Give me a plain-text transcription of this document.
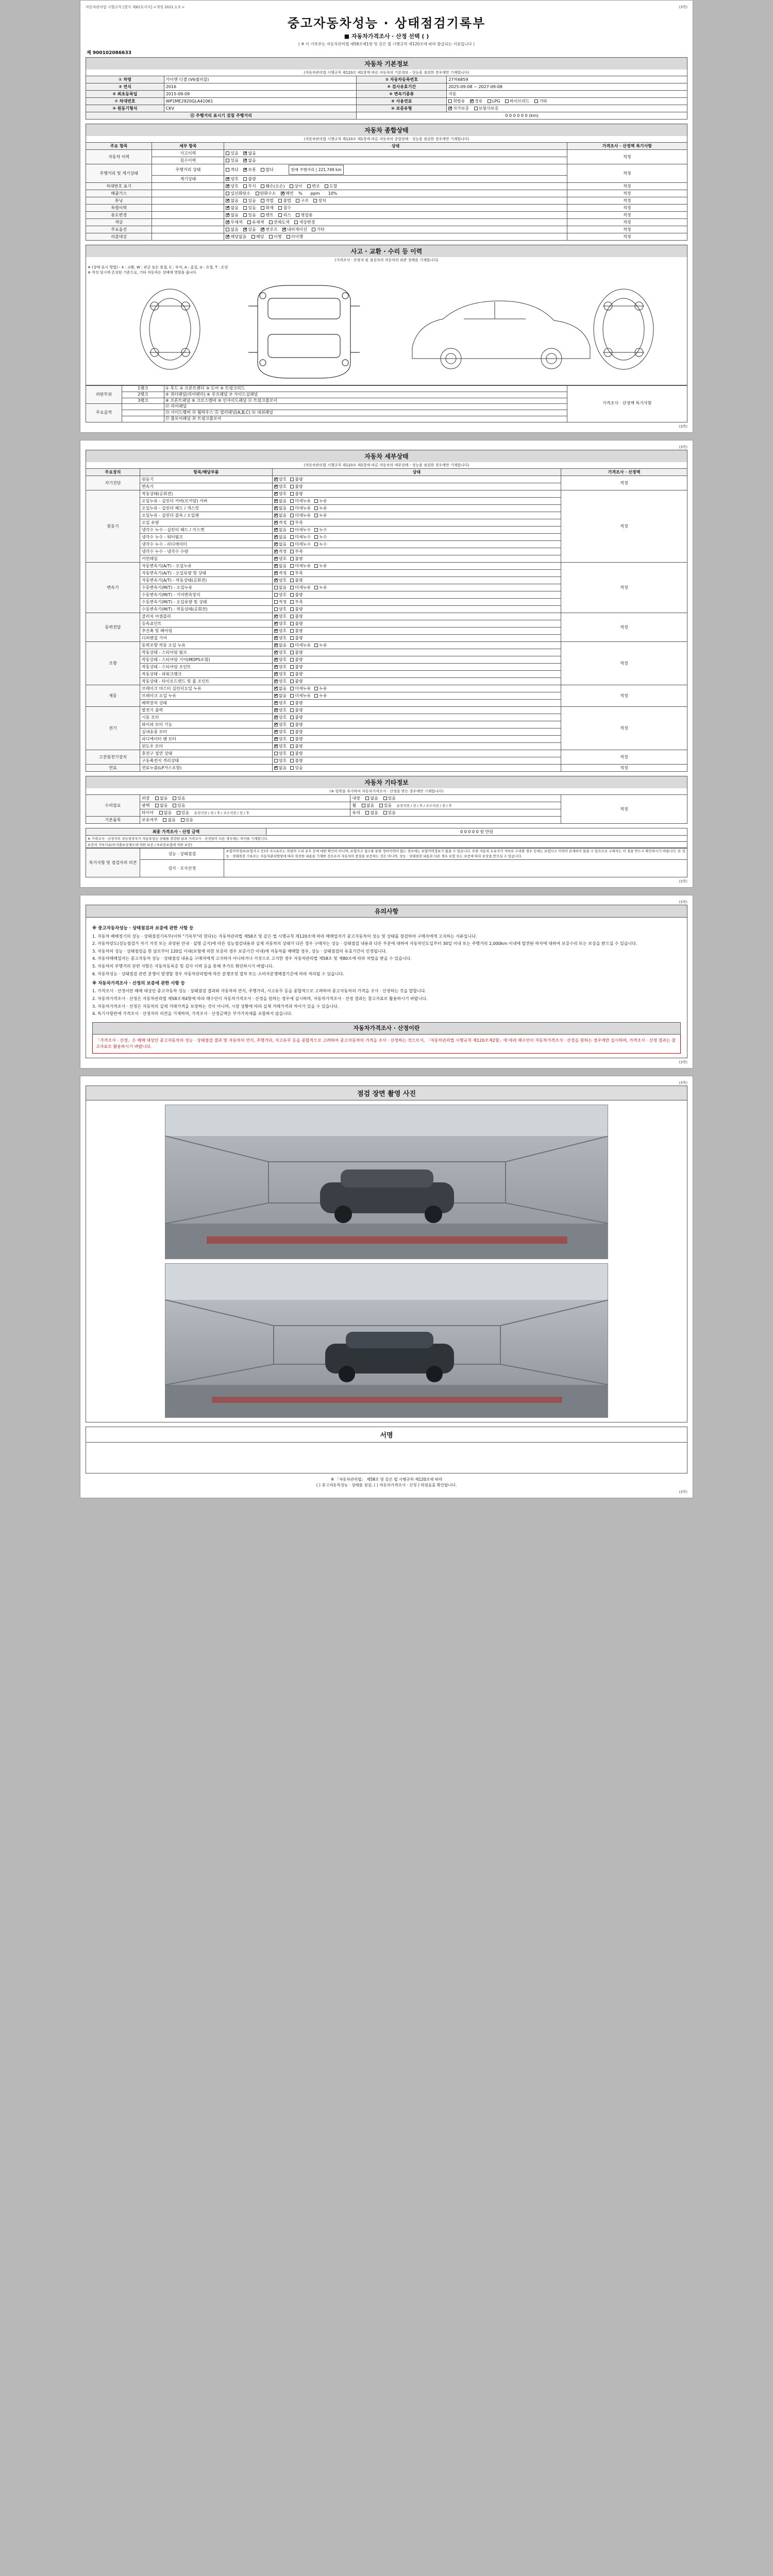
자동차관리법 시행규칙 [별지 제82호서식] <개정 2021.1.5.>	(3쪽)
중고자동차성능 · 상태점검기록부
■ 자동차가격조사 · 산정 선택 ( )
( ※ 이 기록부는 자동차관리법 제58조제1항 및 같은 법 시행규칙 제120조에 따라 발급되는 서류입니다 )
제 900102086633
자동차 기본정보
(자동차관리법 시행규칙 제120조 제1항에 따른 자동차의 기본정보 - 성능을 점검한 경우에만 기재합니다)
① 차명	카이엔 디젤 (V6퀼러블)	② 자동차등록번호	27허6859
③ 연식	2016	④ 검사유효기간	2025-09-08 ~ 2027-09-08
⑤ 최초등록일	2015-09-09	⑥ 변속기종류	자동
⑦ 차대번호	WP1ME2920GLA41061	⑧ 사용연료	휘발유 ✔ 경유 LPG 하이브리드 기타
⑨ 원동기형식	CKV	⑩ 보증유형	✔자가보증 보험사보증
⑪ 주행거리 표시기 검침 주행거리		0 0 0 0 0 0 (km)	
자동차 종합상태
(자동차관리법 시행규칙 제120조 제1항에 따른 자동차의 종합상태 - 성능을 점검한 경우에만 기재합니다)
주요 항목	세부 항목	상태	가격조사 · 산정액 특기사항
자동차 이력	사고이력	있음 ✔ 없음	적정
	침수이력	있음 ✔ 없음
주행거리 및 계기상태	주행거리 상태	적다 ✔ 보통 많다 현재 주행거리 | 221,749 km	적정
	계기상태	✔양호 불량
차대번호 표기		✔양호 부식 훼손(오손) 상이 변조 도말	적정
배출가스		일산화탄소 탄화수소 ✔ 매연 %　　ppm　　10%	적정
튜닝		✔없음 있음 적법 불법 구조 장치	적정
특별이력		✔없음 있음 화재 침수	적정
용도변경		✔없음 있음 렌트 리스 영업용	적정
색상		✔무채색 유채색 전체도색 색상변경	적정
주요옵션		없음 ✔ 있음 ✔ 썬루프 ✔ 내비게이션 기타	적정
리콜대상		✔해당없음 해당 이행 미이행	적정
사고 · 교환 · 수리 등 이력
(가격조사 · 산정자 및 점검자의 자동차의 외관 상태를 기재합니다)
※ (상태 표시 방법) - X : 교환, W : 판금 또는 용접, C : 부식, A : 흠집, U : 요철, T : 손상
※ 작성 당시에 손상된 기준으로, 기타 자동차는 상태에 영향을 줍니다
외판부위	1랭크	① 후드 ② 프론트펜더 ③ 도어 ④ 트렁크리드	가격조사 · 산정액 특기사항
	2랭크	⑤ 쿼터패널(리어펜더) ⑥ 루프패널 ⑦ 사이드실패널	
	3랭크	⑧ 프론트패널 ⑨ 크로스멤버 ⑩ 인사이드패널 ⑪ 트렁크플로어	
주요골격		⑫ 리어패널	
		⑬ 사이드멤버 ⑭ 휠하우스 ⑮ 필러패널(A,B,C) ⑯ 대쉬패널	
		⑰ 플로어패널 ⑱ 트렁크플로어	
(3쪽)
(3쪽)
자동차 세부상태
(자동차관리법 시행규칙 제120조 제1항에 따른 자동차의 세부상태 - 성능을 점검한 경우에만 기재합니다)
주요장치	항목/해당부품	상태	가격조사 · 산정액
자기진단	원동기	✔양호 불량	적정
	변속기	✔양호 불량
원동기	작동상태(공회전)	✔양호 불량	적정
	오일누유 - 실린더 커버(로커암) 커버	✔없음 미세누유 누유
	오일누유 - 실린더 헤드 / 개스킷	✔없음 미세누유 누유
	오일누유 - 실린더 블록 / 오일팬	✔없음 미세누유 누유
	오일 유량	✔적정 부족
	냉각수 누수 - 실린더 헤드 / 가스켓	✔없음 미세누수 누수
	냉각수 누수 - 워터펌프	✔없음 미세누수 누수
	냉각수 누수 - 라디에이터	✔없음 미세누수 누수
	냉각수 누수 - 냉각수 수량	✔적정 부족
	커먼레일	✔양호 불량
변속기	자동변속기(A/T) - 오일누유	✔없음 미세누유 누유	적정
	자동변속기(A/T) - 오일유량 및 상태	✔적정 부족
	자동변속기(A/T) - 작동상태(공회전)	✔양호 불량
	수동변속기(M/T) - 오일누유	없음 미세누유 누유	
	수동변속기(M/T) - 기어변속장치	양호 불량	
	수동변속기(M/T) - 오일유량 및 상태	적정 부족	
	수동변속기(M/T) - 작동상태(공회전)	양호 불량	
동력전달	클러치 어셈블리	✔양호 불량	적정
	등속죠인트	✔양호 불량
	추진축 및 베어링	✔양호 불량
	디퍼렌셜 기어	✔양호 불량
조향	동력조향 작동 오일 누유	✔없음 미세누유 누유	적정
	작동상태 - 스티어링 펌프	✔양호 불량
	작동상태 - 스티어링 기어(MDPS포함)	✔양호 불량
	작동상태 - 스티어링 조인트	✔양호 불량
	작동상태 - 파워크랭크	✔양호 불량
	작동상태 - 타이로드엔드 및 볼 조인트	✔양호 불량
제동	브레이크 마스터 실린더오일 누유	✔없음 미세누유 누유	적정
	브레이크 오일 누유	✔없음 미세누유 누유
	배력장치 상태	✔양호 불량
전기	발전기 출력	✔양호 불량	적정
	시동 모터	✔양호 불량
	와이퍼 모터 기능	✔양호 불량
	실내송풍 모터	✔양호 불량
	라디에이터 팬 모터	✔양호 불량
	윈도우 모터	✔양호 불량
고전원전기장치	충전구 절연 상태	양호 불량	적정
	구동축전지 격리상태	양호 불량	
연료	연료누출(LP가스포함)	✔없음 있음	적정
자동차 기타정보
(※ 항목을 추가하여 자동차가격조사 · 산정을 받는 경우에만 기재합니다)
수리필요	외장 없음 있음	내장 없음 있음	적정
	광택 없음 있음	휠 없음 있음 운전석전 / 전 / 후 / 조수석전 / 전 / 후	
	타이어 없음 있음 운전석전 / 전 / 후 / 조수석전 / 전 / 후	유리 없음 있음	
기본품목	보유여부 없음 있음		
최종 가격조사 · 산정 금액	0 0 0 0 0 원 만원
※ 가격조사 · 산정자의 성능점검자가 자동차성능 상태를 점검한 날과 가격조사 · 산정일이 다른 경우에는 차이를 기재합니다.
보증의 거부사유(①지출보상제도에 의한 보증 / ②보증보험에 의한 보증)
특기사항 및 점검자의 의견	성능 · 상태점검	보험이력정보(보험사고 등)의 사고유무는 차량의 수리 유무 등에 대한 확인이 아니며, 보험사고 접수를 통한 정비이력이 없는 경우에는 보험이력정보가 없을 수 있습니다. 또한 자동차 소유자가 자비로 수리한 경우 등에는 보험사고 이력이 존재하지 않을 수 있으므로 구매자는 이 점을 반드시 확인하시기 바랍니다. 본 성능 · 상태점검 기록부는 자동차관리법령에 따라 점검한 내용을 기재한 것으로서 자동차의 품질을 보증하는 것은 아니며, 성능 · 상태점검 내용과 다른 경우 보험 또는 보증에 따라 보상을 받으실 수 있습니다.
	검사 · 조사산정	
(3쪽)
(3쪽)
유의사항
※ 중고자동차성능 · 상태점검과 보증에 관한 사항 등

1. 자동차 배해정기의 성능 · 상태점검기록부(이하 "기록부"라 한다)는 자동차관리법 제58조 및 같은 법 시행규칙 제120조에 따라 매매업자가 중고자동차의 성능 및 상태를 점검하여 구매자에게 고지하는 서류입니다.

2. 자동차양도(성능점검가 자기 거짓 또는 과장된 안내 · 설명 금지)에 따른 성능점검내용과 실제 자동차의 상태가 다른 경우 구매자는 성능 · 상태점검 내용과 다른 부분에 대하여 자동차인도일부터 30일 이내 또는 주행거리 2,000km 이내에 발견된 하자에 대하여 보증수리 또는 보상을 받으실 수 있습니다.

3. 자동차의 성능 · 상태점검을 한 날로부터 120일 이내(보험에 의한 보증의 경우 보증기간 이내)에 자동차를 매매할 경우, 성능 · 상태점검의 유효기간이 인정됩니다.

4. 자동차매매업자는 중고자동차 성능 · 상태점검 내용을 구매자에게 고지하지 아니하거나 거짓으로 고지한 경우 자동차관리법 제58조 및 제80조에 따라 처벌을 받을 수 있습니다.

5. 자동차의 주행거리 관련 사항은 자동차등록증 및 검사 이력 등을 통해 추가로 확인하시기 바랍니다.

6. 자동차성능 · 상태점검 관련 분쟁이 발생할 경우 자동차관리법에 따른 분쟁조정 절차 또는 소비자분쟁해결기준에 따라 처리될 수 있습니다.

※ 자동차가격조사 · 산정의 보증에 관한 사항 등

1. 가격조사 · 산정이란 매매 대상인 중고자동차 성능 · 상태점검 결과와 자동차의 연식, 주행거리, 사고유무 등을 종합적으로 고려하여 중고자동차의 가격을 조사 · 산정하는 것을 말합니다.

2. 자동차가격조사 · 산정은 자동차관리법 제58조제4항에 따라 매수인이 자동차가격조사 · 산정을 원하는 경우에 실시하며, 자동차가격조사 · 산정 결과는 참고자료로 활용하시기 바랍니다.

3. 자동차가격조사 · 산정은 자동차의 실제 거래가격을 보장하는 것이 아니며, 시장 상황에 따라 실제 거래가격과 차이가 있을 수 있습니다.

4. 특기사항란에 가격조사 · 산정자의 의견을 기재하며, 가격조사 · 산정금액은 부가가치세를 포함하지 않습니다.

자동차가격조사 · 산정이란
「가격조사 · 산정」은 매매 대상인 중고자동차의 성능 · 상태점검 결과 및 자동차의 연식, 주행거리, 사고유무 등을 종합적으로 고려하여 중고자동차의 가격을 조사 · 산정하는 것으로서, 「자동차관리법 시행규칙 제120조제2항」에 따라 매수인이 자동차가격조사 · 산정을 원하는 경우에만 실시하며, 가격조사 · 산정 결과는 참고자료로 활용하시기 바랍니다.
(3쪽)
(3쪽)
점검 장면 촬영 사진
서명
※ 「자동차관리법」 제58조 및 같은 법 시행규칙 제120조에 따라
( ) 중고자동차성능 · 상태를 점검, ( ) 자동차가격조사 · 산정 ) 하였음을 확인합니다.
(3쪽)
